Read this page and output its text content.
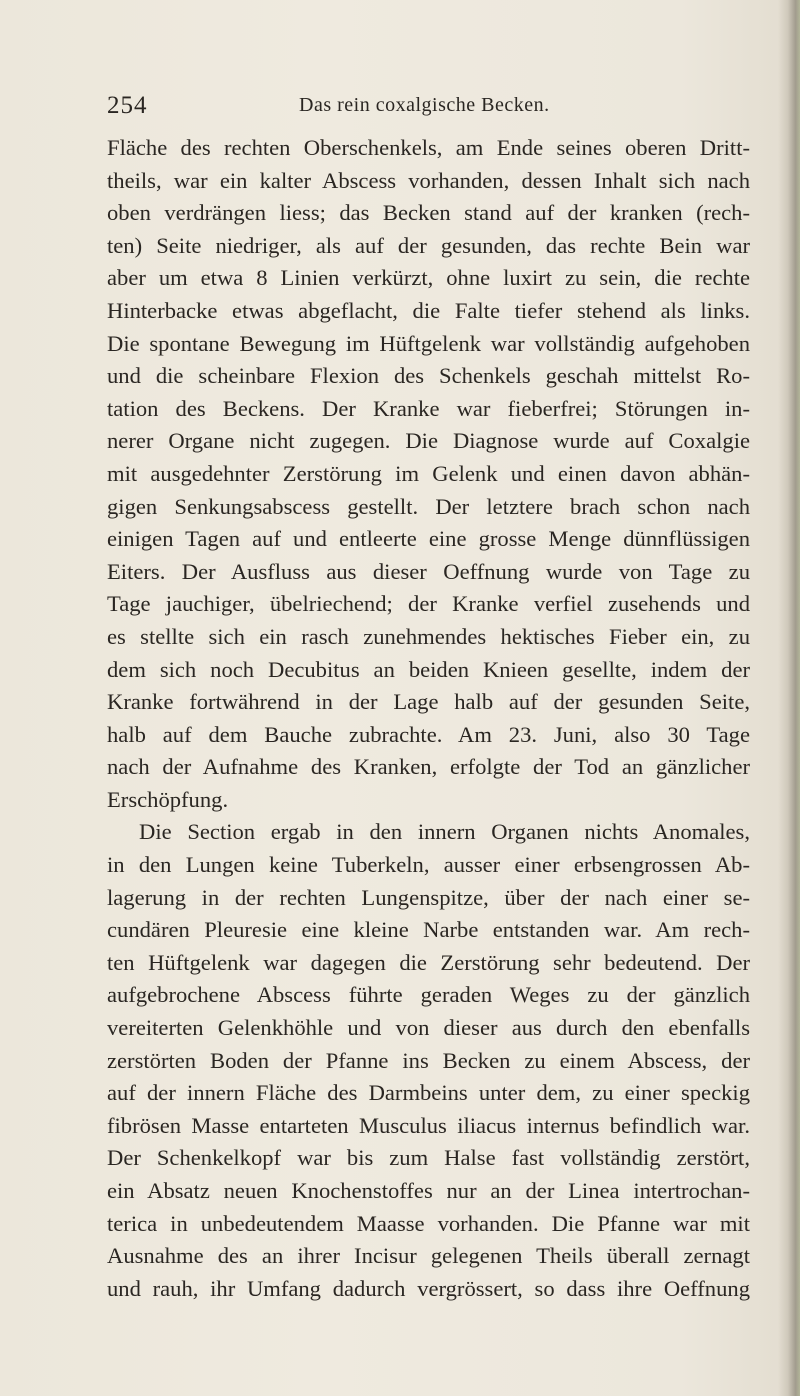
254	Das rein coxalgische Becken.
Fläche des rechten Oberschenkels, am Ende seines oberen Dritt-
theils, war ein kalter Abscess vorhanden, dessen Inhalt sich nach
oben verdrängen liess; das Becken stand auf der kranken (rech-
ten) Seite niedriger, als auf der gesunden, das rechte Bein war
aber um etwa 8 Linien verkürzt, ohne luxirt zu sein, die rechte
Hinterbacke etwas abgeflacht, die Falte tiefer stehend als links.
Die spontane Bewegung im Hüftgelenk war vollständig aufgehoben
und die scheinbare Flexion des Schenkels geschah mittelst Ro-
tation des Beckens. Der Kranke war fieberfrei; Störungen in-
nerer Organe nicht zugegen. Die Diagnose wurde auf Coxalgie
mit ausgedehnter Zerstörung im Gelenk und einen davon abhän-
gigen Senkungsabscess gestellt. Der letztere brach schon nach
einigen Tagen auf und entleerte eine grosse Menge dünnflüssigen
Eiters. Der Ausfluss aus dieser Oeffnung wurde von Tage zu
Tage jauchiger, übelriechend; der Kranke verfiel zusehends und
es stellte sich ein rasch zunehmendes hektisches Fieber ein, zu
dem sich noch Decubitus an beiden Knieen gesellte, indem der
Kranke fortwährend in der Lage halb auf der gesunden Seite,
halb auf dem Bauche zubrachte. Am 23. Juni, also 30 Tage
nach der Aufnahme des Kranken, erfolgte der Tod an gänzlicher
Erschöpfung.
Die Section ergab in den innern Organen nichts Anomales,
in den Lungen keine Tuberkeln, ausser einer erbsengrossen Ab-
lagerung in der rechten Lungenspitze, über der nach einer se-
cundären Pleuresie eine kleine Narbe entstanden war. Am rech-
ten Hüftgelenk war dagegen die Zerstörung sehr bedeutend. Der
aufgebrochene Abscess führte geraden Weges zu der gänzlich
vereiterten Gelenkhöhle und von dieser aus durch den ebenfalls
zerstörten Boden der Pfanne ins Becken zu einem Abscess, der
auf der innern Fläche des Darmbeins unter dem, zu einer speckig
fibrösen Masse entarteten Musculus iliacus internus befindlich war.
Der Schenkelkopf war bis zum Halse fast vollständig zerstört,
ein Absatz neuen Knochenstoffes nur an der Linea intertrochan-
terica in unbedeutendem Maasse vorhanden. Die Pfanne war mit
Ausnahme des an ihrer Incisur gelegenen Theils überall zernagt
und rauh, ihr Umfang dadurch vergrössert, so dass ihre Oeffnung
